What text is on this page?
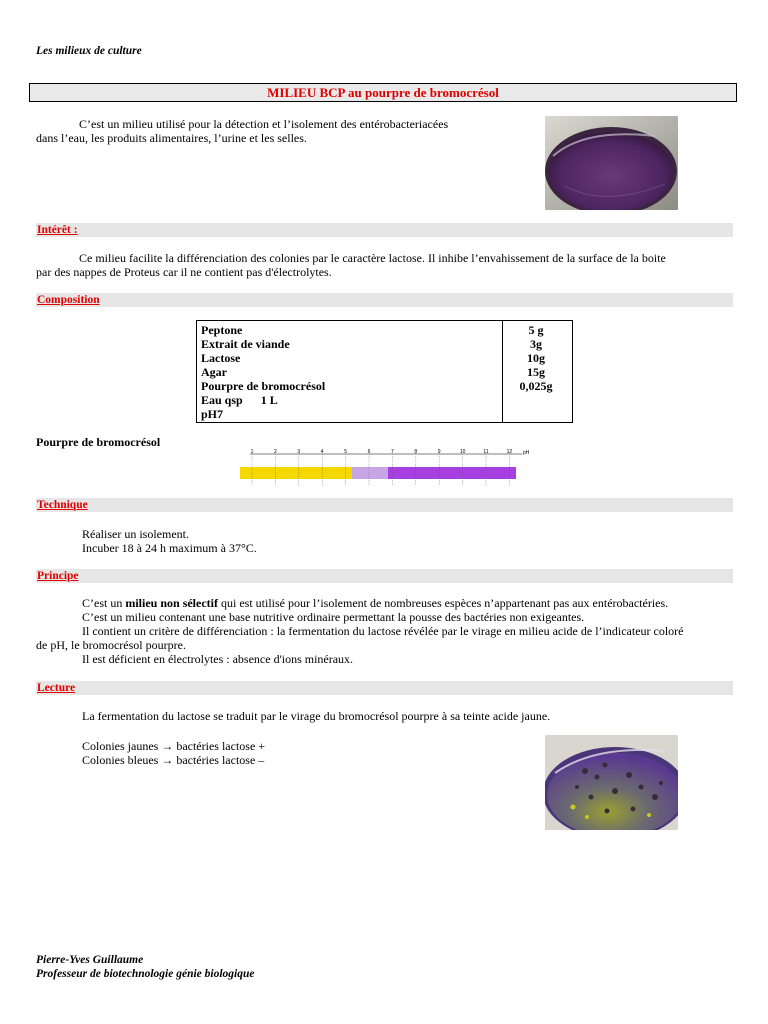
Les milieux de culture
MILIEU BCP au pourpre de bromocrésol
C’est un milieu utilisé pour la détection et l’isolement des entérobacteriacées
dans l’eau, les produits alimentaires, l’urine et les selles.
Intérêt :
Ce milieu facilite la différenciation des colonies par le caractère lactose. Il inhibe l’envahissement de la surface de la boite
par des nappes de Proteus car il ne contient pas d'électrolytes.
Composition
Peptone	5 g
Extrait de viande	3g
Lactose	10g
Agar	15g
Pourpre de bromocrésol	0,025g
Eau qsp      1 L
pH7
Pourpre de bromocrésol
1	2	3	4	5	6	7	8	9	10	11	12 pH
Technique
Réaliser un isolement.
Incuber 18 à 24 h maximum à 37°C.
Principe
C’est un milieu non sélectif qui est utilisé pour l’isolement de nombreuses espèces n’appartenant pas aux entérobactéries.
C’est un milieu contenant une base nutritive ordinaire permettant la pousse des bactéries non exigeantes.
Il contient un critère de différenciation : la fermentation du lactose révélée par le virage en milieu acide de l’indicateur coloré
de pH, le bromocrésol pourpre.
Il est déficient en électrolytes : absence d'ions minéraux.
Lecture
La fermentation du lactose se traduit par le virage du bromocrésol pourpre à sa teinte acide jaune.
Colonies jaunes → bactéries lactose +
Colonies bleues → bactéries lactose –
Pierre-Yves Guillaume
Professeur de biotechnologie génie biologique
